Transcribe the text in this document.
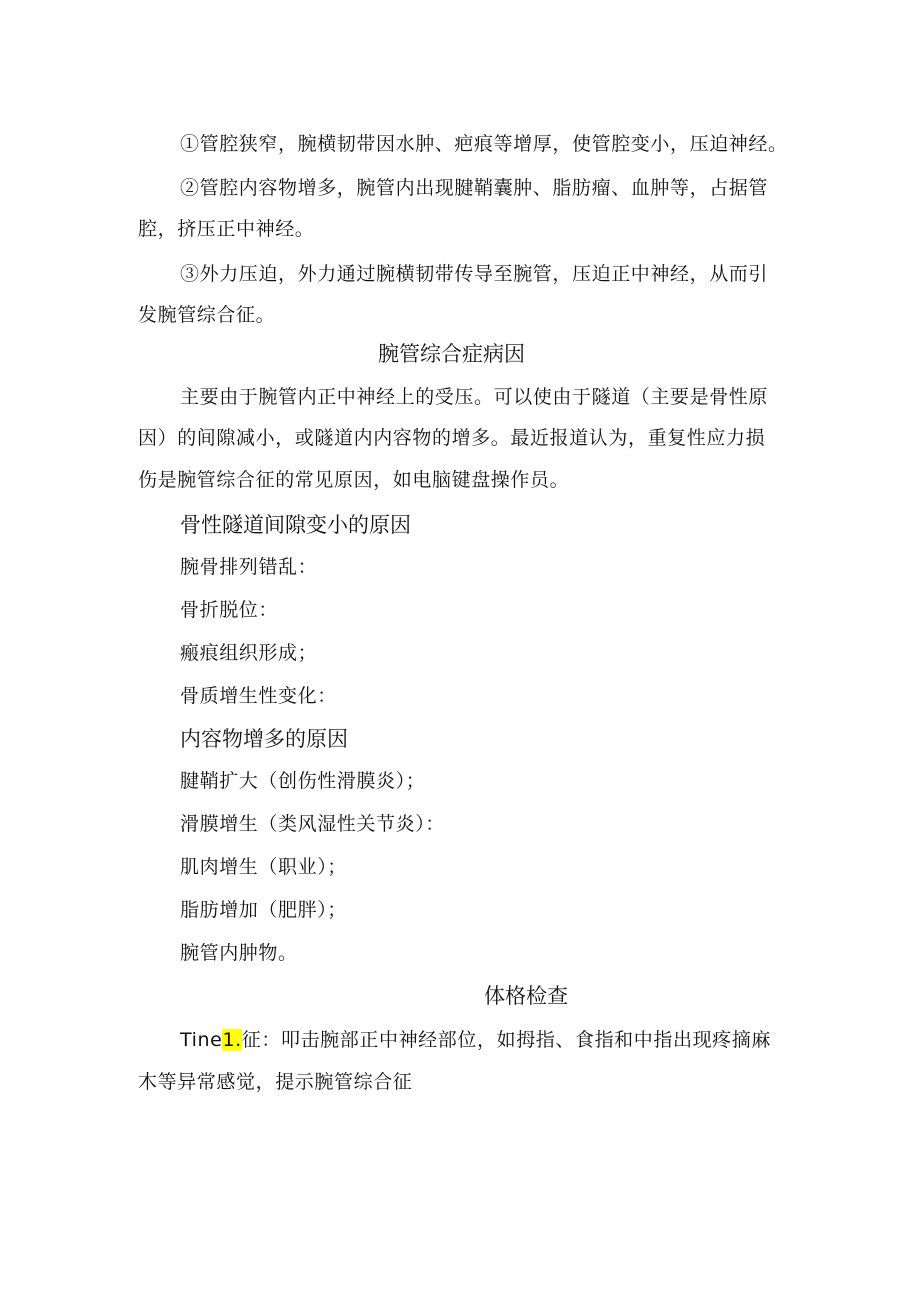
①管腔狭窄，腕横韧带因水肿、疤痕等增厚，使管腔变小，压迫神经。
②管腔内容物增多，腕管内出现腱鞘囊肿、脂肪瘤、血肿等，占据管
腔，挤压正中神经。
③外力压迫，外力通过腕横韧带传导至腕管，压迫正中神经，从而引
发腕管综合征。
腕管综合症病因
主要由于腕管内正中神经上的受压。可以使由于隧道（主要是骨性原
因）的间隙减小，或隧道内内容物的增多。最近报道认为，重复性应力损
伤是腕管综合征的常见原因，如电脑键盘操作员。
骨性隧道间隙变小的原因
腕骨排列错乱：
骨折脱位：
瘢痕组织形成；
骨质增生性变化：
内容物增多的原因
腱鞘扩大（创伤性滑膜炎）；
滑膜增生（类风湿性关节炎）：
肌肉增生（职业）；
脂肪增加（肥胖）；
腕管内肿物。
体格检查
Tine1.征：叩击腕部正中神经部位，如拇指、食指和中指出现疼摘麻
木等异常感觉，提示腕管综合征
